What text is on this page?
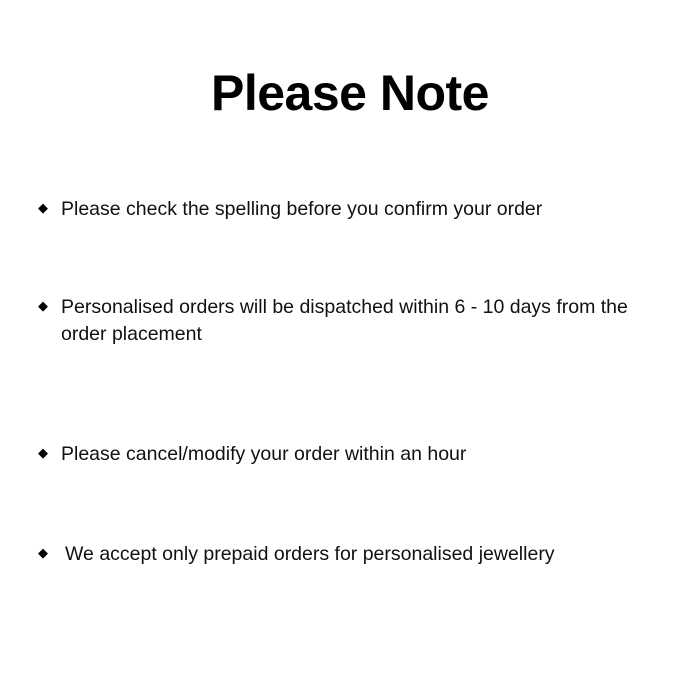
Please Note
◆ Please check the spelling before you confirm your order
◆ Personalised orders will be dispatched within 6 - 10 days from the order placement
◆ Please cancel/modify your order within an hour
◆ We accept only prepaid orders for personalised jewellery
